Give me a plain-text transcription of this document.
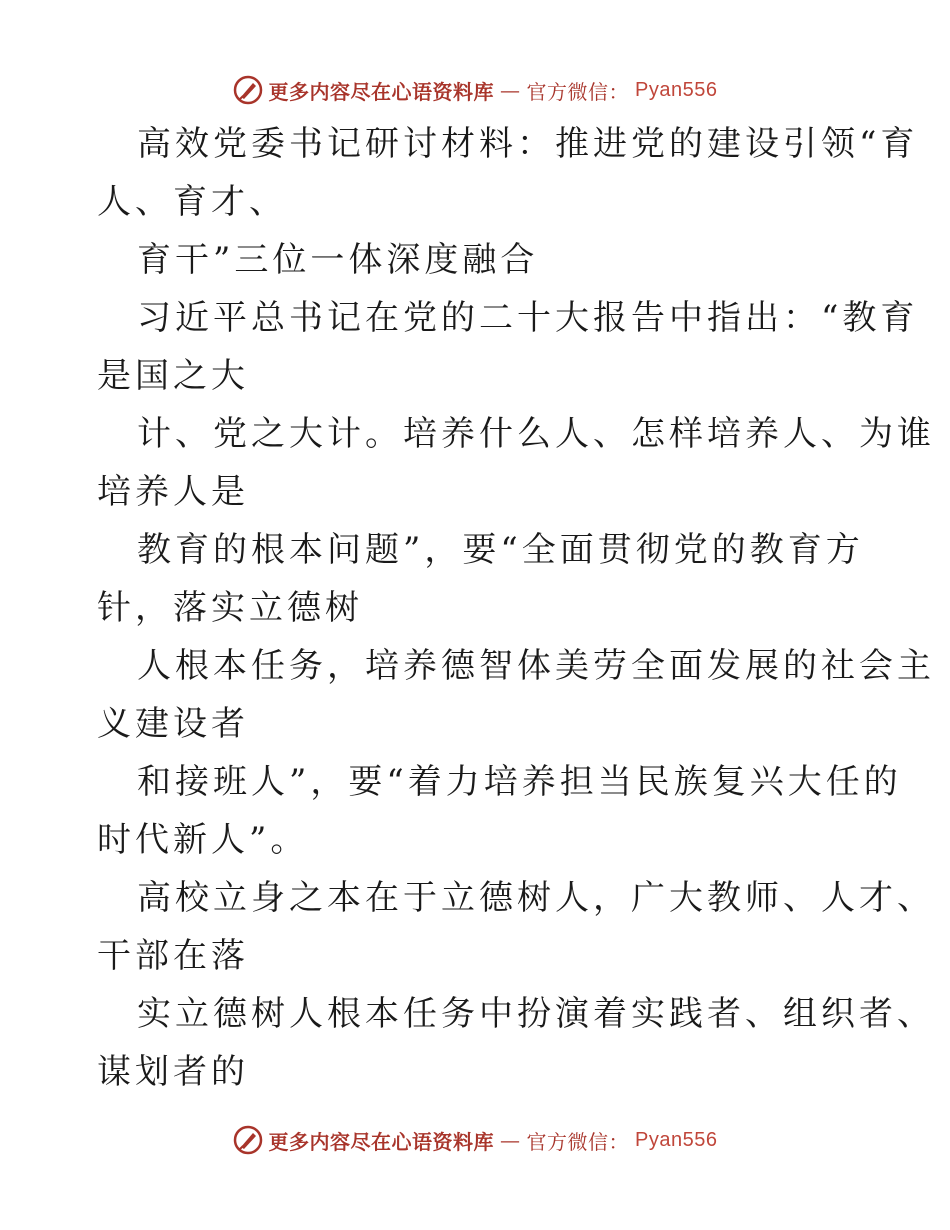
更多内容尽在心语资料库 — 官方微信： Pyan556
高效党委书记研讨材料：推进党的建设引领“育
人、育才、
育干”三位一体深度融合
习近平总书记在党的二十大报告中指出：“教育
是国之大
计、党之大计。培养什么人、怎样培养人、为谁
培养人是
教育的根本问题”，要“全面贯彻党的教育方
针，落实立德树
人根本任务，培养德智体美劳全面发展的社会主
义建设者
和接班人”，要“着力培养担当民族复兴大任的
时代新人”。
高校立身之本在于立德树人，广大教师、人才、
干部在落
实立德树人根本任务中扮演着实践者、组织者、
谋划者的
更多内容尽在心语资料库 — 官方微信： Pyan556
